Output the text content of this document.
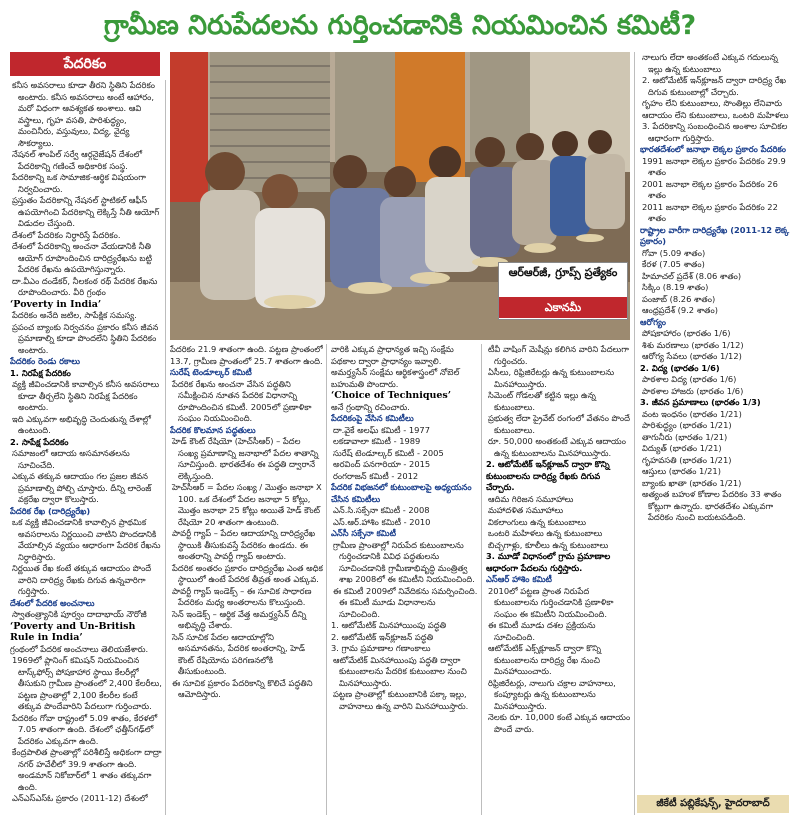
గ్రామీణ నిరుపేదలను గుర్తించడానికి నియమించిన కమిటీ?
పేదరికం
ఆర్‌ఆర్‌జీ, గ్రూప్స్‌ ప్రత్యేకం
ఎకానమీ

కనీస అవసరాలు కూడా తీరని స్థితిని పేదరికం అంటారు. కనీస అవసరాలు అంటే ఆహారం, మరో విధంగా ఆవశ్యకత అంశాలు. ఆవి వస్త్రాలు, గృహ వసతి, పారిశుద్ధ్యం, మంచినీరు, వస్తువులు, విద్య, వైద్య సౌకర్యాలు.

నేషనల్ శాంపిల్ సర్వే ఆర్గనైజేషన్ దేశంలో పేదరికాన్ని గణించే అధికారిక సంస్థ.

పేదరికాన్ని ఒక సామాజిక-ఆర్థిక విషయంగా నిర్వచించారు.

ప్రస్తుతం పేదరికాన్ని నేషనల్ స్టాటికల్ ఆఫీస్ ఉపయోగించి పేదరికాన్ని లెక్కిస్తే నీతి ఆయోగ్ విడుదల చేస్తుంది.

దేశంలో పేదరికం నిర్ధారిస్తే పేదరికం.

దేశంలో పేదరికాన్ని అంచనా వేయడానికి నీతి ఆయోగ్ రూపొందించిన దారిద్ర్యరేఖను బట్టి పేదరిక రేఖను ఉపయోగిస్తున్నారు.

దా.వీఎం దండేకర్, నీలకంఠ రథ్ పేదరిక రేఖను రూపొందించారు. వీరి గ్రంథం

‘Poverty in India’

పేదరికం అనేది జటిల, సాపేక్షిక సమస్య.

ప్రపంచ బ్యాంకు నిర్వచనం ప్రకారం కనీస జీవన ప్రమాణాల్ని కూడా పొందలేని స్థితిని పేదరికం అంటారు.

పేదరికం రెండు రకాలు

1. నిరపేక్ష పేదరికం

వ్యక్తి జీవించడానికి కావాల్సిన కనీస అవసరాలు కూడా తీర్చలేని స్థితిని నిరపేక్ష పేదరికం అంటారు.

ఇది ఎక్కువగా అభివృద్ధి చెందుతున్న దేశాల్లో ఉంటుంది.

2. సాపేక్ష పేదరికం

సమాజంలో ఆదాయ అసమానతలను సూచించేది.

ఎక్కువ తక్కువ ఆదాయం గల ప్రజల జీవన ప్రమాణాల్ని పోల్చి చూస్తారు. దీన్ని లారెంజ్ వక్రరేఖ ద్వారా కొలుస్తారు.

పేదరిక రేఖ (దారిద్ర్యరేఖ)

ఒక వ్యక్తి జీవించడానికి కావాల్సిన ప్రాథమిక అవసరాలను నిర్ణయించి వాటిని పొందడానికి వేయాల్సిన వ్యయం ఆధారంగా పేదరిక రేఖను నిర్ధారిస్తారు.

నిర్ణయిత రేఖ కంటే తక్కువ ఆదాయం పొందే వారిని దారిద్ర్య రేఖకు దిగువ ఉన్నవారిగా గుర్తిస్తారు.

దేశంలో పేదరిక అంచనాలు

స్వాతంత్ర్యానికి పూర్వం దాదాభాయ్ నౌరోజీ

‘Poverty and Un-British Rule in India’

గ్రంథంలో పేదరిక అంచనాలు తెలియజేశారు.

1969లో ప్లానింగ్ కమిషన్ నియమించిన టాస్క్‌ఫోర్స్ పోషకాహార స్థాయి కేలరీల్లో తీసుకుని గ్రామీణ ప్రాంతంలో 2,400 కేలరీలు, పట్టణ ప్రాంతాల్లో 2,100 కేలరీల కంటే తక్కువ పొందేవారిని పేదలుగా గుర్తించారు.

పేదరికం గోవా రాష్ట్రంలో 5.09 శాతం, కేరళలో 7.05 శాతంగా ఉంది. దేశంలో ఛత్తీస్‌గఢ్‌లో పేదరికం ఎక్కువగా ఉంది.

కేంద్రపాలిత ప్రాంతాల్లో పరిశీలిస్తే అధికంగా దాద్రా నగర్ హవేలీలో 39.9 శాతంగా ఉంది. అండమాన్ నికోబార్‌లో 1 శాతం తక్కువగా ఉంది.

ఎన్ఎస్ఎస్ఓ ప్రకారం (2011-12) దేశంలో

పేదరికం 21.9 శాతంగా ఉంది. పట్టణ ప్రాంతంలో 13.7, గ్రామీణ ప్రాంతంలో 25.7 శాతంగా ఉంది.

సురేష్ టెండూల్కర్ కమిటీ

పేదరిక రేఖను అంచనా వేసిన పద్ధతిని సమీక్షించిన నూతన పేదరిక విధానాన్ని రూపొందించిన కమిటీ. 2005లో ప్రణాళికా సంఘం నియమించింది.

పేదరిక కొలమాన పద్ధతులు

హెడ్ కౌంట్ రేషియో (హెచ్‌సీఆర్) – పేదల సంఖ్య ప్రమాణాన్ని జనాభాలో పేదల శాతాన్ని సూచిస్తుంది. భారతదేశం ఈ పద్ధతి ద్వారానే లెక్కిస్తుంది.

హెచ్‌సీఆర్ = పేదల సంఖ్య / మొత్తం జనాభా X 100. ఒక దేశంలో పేదల జనాభా 5 కోట్లు, మొత్తం జనాభా 25 కోట్లు అయితే హెడ్ కౌంట్ రేషియో 20 శాతంగా ఉంటుంది.

పావర్టీ గ్యాప్ – పేదల ఆదాయాన్ని దారిద్ర్యరేఖ స్థాయికి తీసుకువస్తే పేదరికం ఉండదు. ఈ అంతరాన్ని పావర్టీ గ్యాప్ అంటారు.

పేదరిక అంతరం ప్రకారం దారిద్ర్యరేఖ ఎంత అధిక స్థాయిలో ఉంటే పేదరిక తీవ్రత అంత ఎక్కువ.

పావర్టీ గ్యాప్ ఇండెక్స్ – ఈ సూచిక సాధారణ పేదరికం మధ్య అంతరాలను కొలుస్తుంది.

సెన్ ఇండెక్స్ – ఆర్థిక వేత్త అమర్త్యసేన్ దీన్ని అభివృద్ధి చేశారు.

సెన్ సూచిక పేదల ఆదాయాల్లోని అసమానతను, పేదరిక అంతరాన్ని, హెడ్ కౌంట్ రేషియోను పరిగణనలోకి తీసుకుంటుంది.

ఈ సూచిక ప్రకారం పేదరికాన్ని కొలిచే పద్ధతిని ఆమోదిస్తారు.

వారికి ఎక్కువ ప్రాధాన్యత ఇచ్చి సంక్షేమ పథకాల ద్వారా ప్రాధాన్యం ఇవ్వాలి. అమర్త్యసేన్ సంక్షేమ ఆర్థికశాస్త్రంలో నోబెల్ బహుమతి పొందారు.

‘Choice of Techniques’

అనే గ్రంథాన్ని రచించారు.

పేదరికంపై వేసిన కమిటీలు

దా.వైకే అలఘ్ కమిటీ - 1977

లకడావాలా కమిటీ - 1989

సురేష్ టెండూల్కర్ కమిటీ - 2005

అరవింద్ పనగారియా - 2015

రంగరాజన్ కమిటీ - 2012

పేదరిక విభజనలో కుటుంబాలపై అధ్యయనం చేసిన కమిటీలు

ఎన్.సి.సక్సేనా కమిటీ - 2008

ఎస్.ఆర్.హాశిం కమిటీ - 2010

ఎన్‌సీ సక్సేనా కమిటీ

గ్రామీణ ప్రాంతాల్లో నిరుపేద కుటుంబాలను గుర్తించడానికి వివిధ పద్ధతులను సూచించడానికి గ్రామీణాభివృద్ధి మంత్రిత్వ శాఖ 2008లో ఈ కమిటీని నియమించింది.

ఈ కమిటీ 2009లో నివేదికను సమర్పించింది. ఈ కమిటీ మూడు విధానాలను సూచించింది.

1. ఆటోమేటిక్ మినహాయింపు పద్ధతి

2. ఆటోమేటిక్ ఇన్‌క్లూజన్ పద్ధతి

3. గ్రామ ప్రమాణాల గణాంకాలు

ఆటోమేటిక్ మినహాయింపు పద్ధతి ద్వారా కుటుంబాలను పేదరిక కుటుంబాల నుంచి మినహాయిస్తారు.

పట్టణ ప్రాంతాల్లో కుటుంబానికి పక్కా ఇల్లు, వాహనాలు ఉన్న వారిని మినహాయిస్తారు.

టీవీ వాషింగ్ మెషీన్లు కలిగిన వారిని పేదలుగా గుర్తించరు.

ఏసీలు, రిఫ్రిజిరేటర్లు ఉన్న కుటుంబాలను మినహాయిస్తారు.

సిమెంట్ గోడలతో కట్టిన ఇల్లు ఉన్న కుటుంబాలు.

ప్రభుత్వ లేదా ప్రైవేట్ రంగంలో వేతనం పొందే కుటుంబాలు.

రూ. 50,000 అంతకంటే ఎక్కువ ఆదాయం ఉన్న కుటుంబాలను మినహాయిస్తారు.

2. ఆటోమేటిక్ ఇన్‌క్లూజన్ ద్వారా కొన్ని కుటుంబాలను దారిద్ర్య రేఖకు దిగువ చేర్చారు.

ఆదిమ గిరిజన సమూహాలు

మహాదళిత సమూహాలు

వికలాంగులు ఉన్న కుటుంబాలు

ఒంటరి మహిళలు ఉన్న కుటుంబాలు

బిచ్చగాళ్లు, కూలీలు ఉన్న కుటుంబాలు

3. మూడో విధానంలో గ్రామ ప్రమాణాల ఆధారంగా పేదలను గుర్తిస్తారు.

ఎస్‌ఆర్ హాశిం కమిటీ

2010లో పట్టణ ప్రాంత నిరుపేద కుటుంబాలను గుర్తించడానికి ప్రణాళికా సంఘం ఈ కమిటీని నియమించింది.

ఈ కమిటీ మూడు దశల ప్రక్రియను సూచించింది.

ఆటోమేటిక్ ఎక్స్‌క్లూజన్ ద్వారా కొన్ని కుటుంబాలను దారిద్ర్య రేఖ నుంచి మినహాయించారు.

రిఫ్రిజిరేటర్లు, నాలుగు చక్రాల వాహనాలు, కంప్యూటర్లు ఉన్న కుటుంబాలను మినహాయిస్తారు.

నెలకు రూ. 10,000 కంటే ఎక్కువ ఆదాయం పొందే వారు.

నాలుగు లేదా అంతకంటే ఎక్కువ గదులున్న ఇల్లు ఉన్న కుటుంబాలు

2. ఆటోమేటిక్ ఇన్‌క్లూజన్ ద్వారా దారిద్ర్య రేఖ దిగువ కుటుంబాల్లో చేర్చారు.

గృహం లేని కుటుంబాలు, సొంతిల్లు లేనివారు

ఆదాయం లేని కుటుంబాలు, ఒంటరి మహిళలు

3. పేదరికాన్ని సంబంధించిన అంశాల సూచికల ఆధారంగా గుర్తిస్తారు.

భారతదేశంలో జనాభా లెక్కల ప్రకారం పేదరికం

1991 జనాభా లెక్కల ప్రకారం పేదరికం 29.9 శాతం

2001 జనాభా లెక్కల ప్రకారం పేదరికం 26 శాతం

2011 జనాభా లెక్కల ప్రకారం పేదరికం 22 శాతం

రాష్ట్రాల వారీగా దారిద్ర్యరేఖ (2011-12 లెక్క ప్రకారం)

గోవా (5.09 శాతం)

కేరళ (7.05 శాతం)

హిమాచల్ ప్రదేశ్ (8.06 శాతం)

సిక్కిం (8.19 శాతం)

పంజాబ్ (8.26 శాతం)

ఆంధ్రప్రదేశ్ (9.2 శాతం)

ఆరోగ్యం

పోషకాహారం (భారతం 1/6)

శిశు మరణాలు (భారతం 1/12)

ఆరోగ్య సేవలు (భారతం 1/12)

2. విద్య (భారతం 1/6)

పాఠశాల విద్య (భారతం 1/6)

పాఠశాల హాజరు (భారతం 1/6)

3. జీవన ప్రమాణాలు (భారతం 1/3)

వంట ఇంధనం (భారతం 1/21)

పారిశుద్ధ్యం (భారతం 1/21)

తాగునీరు (భారతం 1/21)

విద్యుత్ (భారతం 1/21)

గృహవసతి (భారతం 1/21)

ఆస్తులు (భారతం 1/21)

బ్యాంకు ఖాతా (భారతం 1/21)

అత్యంత బహుళ కోణాల పేదరికం 33 శాతం కోట్లుగా ఉన్నారు. భారతదేశం ఎక్కువగా పేదరికం నుంచి బయటపడింది.

జీకేటీ పబ్లికేషన్స్‌, హైదరాబాద్‌
